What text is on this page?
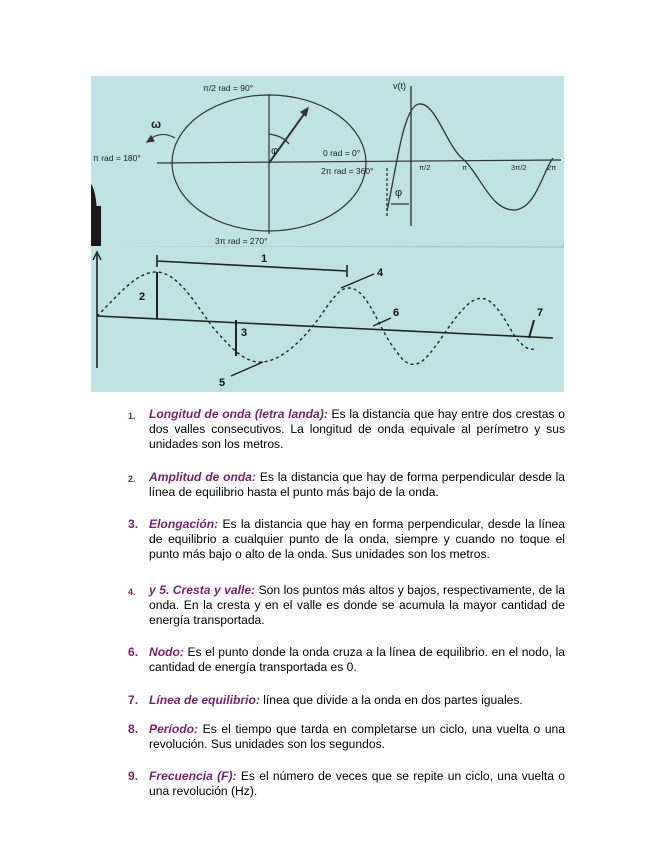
π/2 rad = 90°
π rad = 180°
3π rad = 270°
0 rad = 0°
2π rad = 360°
ω
φ
v(t)
π/2	π	3π/2	2π
φ
1
2
3
4
5
6	7
1.	Longitud de onda (letra landa): Es la distancia que hay entre dos crestas o dos valles consecutivos. La longitud de onda equivale al perímetro y sus unidades son los metros.
2.	Amplitud de onda: Es la distancia que hay de forma perpendicular desde la línea de equilibrio hasta el punto más bajo de la onda.
3. Elongación: Es la distancia que hay en forma perpendicular, desde la línea de equilibrio a cualquier punto de la onda, siempre y cuando no toque el punto más bajo o alto de la onda. Sus unidades son los metros.
4.	y 5. Cresta y valle: Son los puntos más altos y bajos, respectivamente, de la onda. En la cresta y en el valle es donde se acumula la mayor cantidad de energía transportada.
6. Nodo: Es el punto donde la onda cruza a la línea de equilibrio. en el nodo, la cantidad de energía transportada es 0.
7. Línea de equilibrio: línea que divide a la onda en dos partes iguales.
8. Período: Es el tiempo que tarda en completarse un ciclo, una vuelta o una revolución. Sus unidades son los segundos.
9. Frecuencia (F): Es el número de veces que se repite un ciclo, una vuelta o una revolución (Hz).
